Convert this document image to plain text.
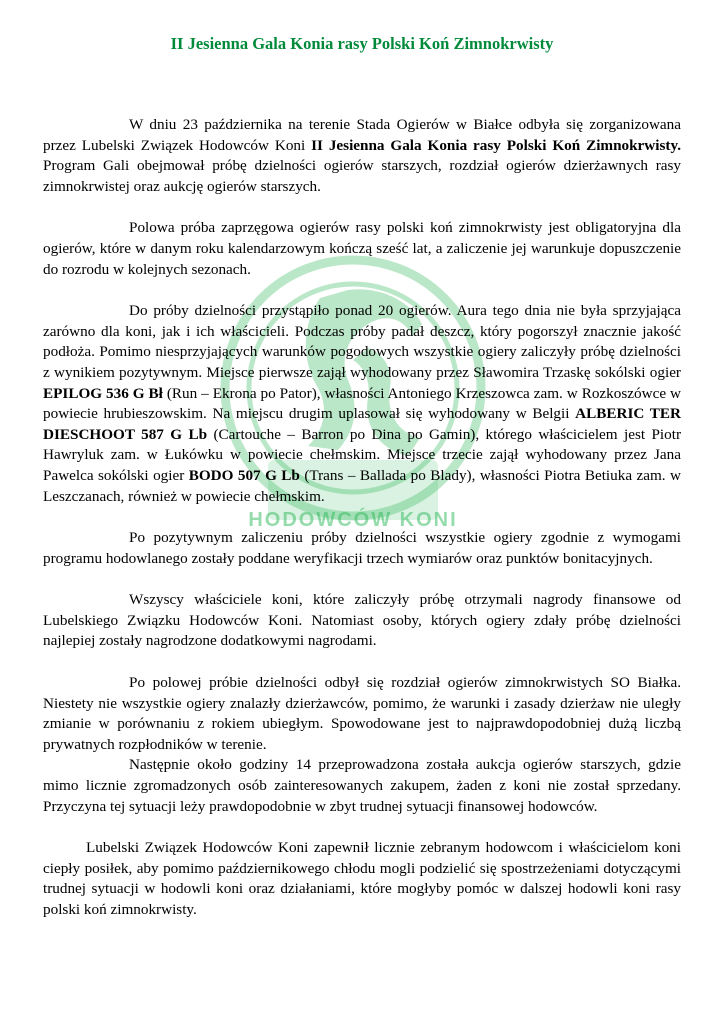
HODOWCÓW KONI
II Jesienna Gala Konia rasy Polski Koń Zimnokrwisty

W dniu 23 października na terenie Stada Ogierów w Białce odbyła się zorganizowana przez Lubelski Związek Hodowców Koni II Jesienna Gala Konia rasy Polski Koń Zimnokrwisty. Program Gali obejmował próbę dzielności ogierów starszych, rozdział ogierów dzierżawnych rasy zimnokrwistej oraz aukcję ogierów starszych.

Polowa próba zaprzęgowa ogierów rasy polski koń zimnokrwisty jest obligatoryjna dla ogierów, które w danym roku kalendarzowym kończą sześć lat, a zaliczenie jej warunkuje dopuszczenie do rozrodu w kolejnych sezonach.

Do próby dzielności przystąpiło ponad 20 ogierów. Aura tego dnia nie była sprzyjająca zarówno dla koni, jak i ich właścicieli. Podczas próby padał deszcz, który pogorszył znacznie jakość podłoża. Pomimo niesprzyjających warunków pogodowych wszystkie ogiery zaliczyły próbę dzielności z wynikiem pozytywnym. Miejsce pierwsze zajął wyhodowany przez Sławomira Trzaskę sokólski ogier EPILOG 536 G Bł (Run – Ekrona po Pator), własności Antoniego Krzeszowca zam. w Rozkoszówce w powiecie hrubieszowskim. Na miejscu drugim uplasował się wyhodowany w Belgii ALBERIC TER DIESCHOOT 587 G Lb (Cartouche – Barron po Dina po Gamin), którego właścicielem jest Piotr Hawryluk zam. w Łukówku w powiecie chełmskim. Miejsce trzecie zajął wyhodowany przez Jana Pawelca sokólski ogier BODO 507 G Lb (Trans – Ballada po Blady), własności Piotra Betiuka zam. w Leszczanach, również w powiecie chełmskim.

Po pozytywnym zaliczeniu próby dzielności wszystkie ogiery zgodnie z wymogami programu hodowlanego zostały poddane weryfikacji trzech wymiarów oraz punktów bonitacyjnych.

Wszyscy właściciele koni, które zaliczyły próbę otrzymali nagrody finansowe od Lubelskiego Związku Hodowców Koni. Natomiast osoby, których ogiery zdały próbę dzielności najlepiej zostały nagrodzone dodatkowymi nagrodami.

Po polowej próbie dzielności odbył się rozdział ogierów zimnokrwistych SO Białka. Niestety nie wszystkie ogiery znalazły dzierżawców, pomimo, że warunki i zasady dzierżaw nie uległy zmianie w porównaniu z rokiem ubiegłym. Spowodowane jest to najprawdopodobniej dużą liczbą prywatnych rozpłodników w terenie.

Następnie około godziny 14 przeprowadzona została aukcja ogierów starszych, gdzie mimo licznie zgromadzonych osób zainteresowanych zakupem, żaden z koni nie został sprzedany. Przyczyna tej sytuacji leży prawdopodobnie w zbyt trudnej sytuacji finansowej hodowców.

Lubelski Związek Hodowców Koni zapewnił licznie zebranym hodowcom i właścicielom koni ciepły posiłek, aby pomimo październikowego chłodu mogli podzielić się spostrzeżeniami dotyczącymi trudnej sytuacji w hodowli koni oraz działaniami, które mogłyby pomóc w dalszej hodowli koni rasy polski koń zimnokrwisty.
